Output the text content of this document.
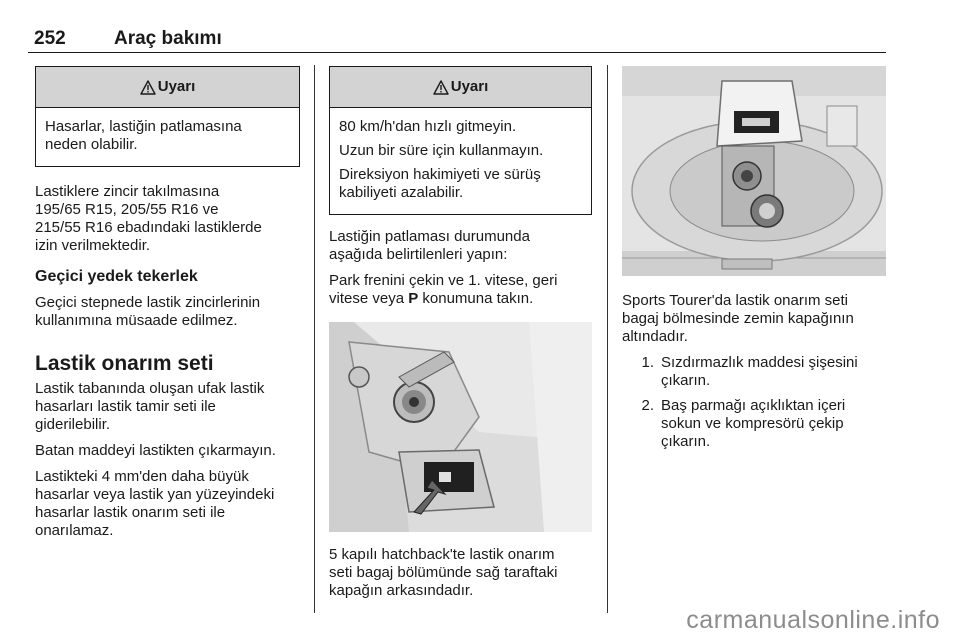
252	Araç bakımı
Uyarı

Hasarlar, lastiğin patlamasına
neden olabilir.

Lastiklere zincir takılmasına
195/65 R15, 205/55 R16 ve
215/55 R16 ebadındaki lastiklerde
izin verilmektedir.

Geçici yedek tekerlek

Geçici stepnede lastik zincirlerinin
kullanımına müsaade edilmez.

Lastik onarım seti

Lastik tabanında oluşan ufak lastik
hasarları lastik tamir seti ile
giderilebilir.

Batan maddeyi lastikten çıkarmayın.

Lastikteki 4 mm'den daha büyük
hasarlar veya lastik yan yüzeyindeki
hasarlar lastik onarım seti ile
onarılamaz.

Uyarı

80 km/h'dan hızlı gitmeyin.

Uzun bir süre için kullanmayın.

Direksiyon hakimiyeti ve sürüş
kabiliyeti azalabilir.

Lastiğin patlaması durumunda
aşağıda belirtilenleri yapın:

Park frenini çekin ve 1. vitese, geri
vitese veya P konumuna takın.

5 kapılı hatchback'te lastik onarım
seti bagaj bölümünde sağ taraftaki
kapağın arkasındadır.

Sports Tourer'da lastik onarım seti
bagaj bölmesinde zemin kapağının
altındadır.

1. Sızdırmazlık maddesi şişesini
çıkarın.
2. Baş parmağı açıklıktan içeri
sokun ve kompresörü çekip
çıkarın.
carmanualsonline.info
